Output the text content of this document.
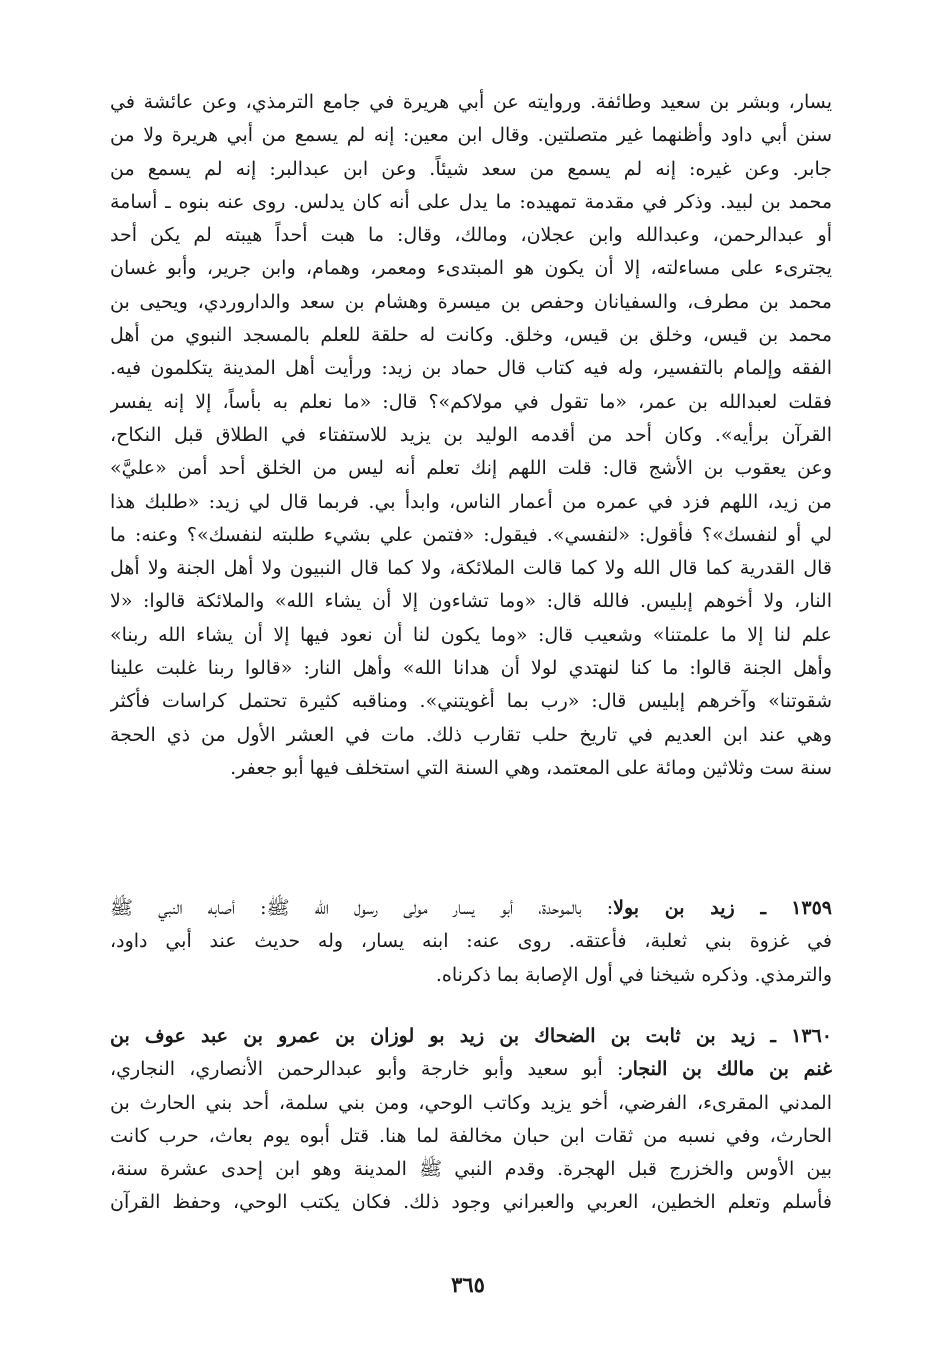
يسار، وبشر بن سعيد وطائفة. وروايته عن أبي هريرة في جامع الترمذي، وعن عائشة في
سنن أبي داود وأظنهما غير متصلتين. وقال ابن معين: إنه لم يسمع من أبي هريرة ولا من
جابر. وعن غيره: إنه لم يسمع من سعد شيئاً. وعن ابن عبدالبر: إنه لم يسمع من
محمد بن لبيد. وذكر في مقدمة تمهيده: ما يدل على أنه كان يدلس. روى عنه بنوه ـ أسامة
أو عبدالرحمن، وعبدالله وابن عجلان، ومالك، وقال: ما هبت أحداً هيبته لم يكن أحد
يجترىء على مساءلته، إلا أن يكون هو المبتدىء ومعمر، وهمام، وابن جرير، وأبو غسان
محمد بن مطرف، والسفيانان وحفص بن ميسرة وهشام بن سعد والداروردي، ويحيى بن
محمد بن قيس، وخلق بن قيس، وخلق. وكانت له حلقة للعلم بالمسجد النبوي من أهل
الفقه وإلمام بالتفسير، وله فيه كتاب قال حماد بن زيد: ورأيت أهل المدينة يتكلمون فيه.
فقلت لعبدالله بن عمر، «ما تقول في مولاكم»؟ قال: «ما نعلم به بأساً، إلا إنه يفسر
القرآن برأيه». وكان أحد من أقدمه الوليد بن يزيد للاستفتاء في الطلاق قبل النكاح،
وعن يعقوب بن الأشج قال: قلت اللهم إنك تعلم أنه ليس من الخلق أحد أمن «عليَّ»
من زيد، اللهم فزد في عمره من أعمار الناس، وابدأ بي. فربما قال لي زيد: «طلبك هذا
لي أو لنفسك»؟ فأقول: «لنفسي». فيقول: «فتمن علي بشيء طلبته لنفسك»؟ وعنه: ما
قال القدرية كما قال الله ولا كما قالت الملائكة، ولا كما قال النبيون ولا أهل الجنة ولا أهل
النار، ولا أخوهم إبليس. فالله قال: «وما تشاءون إلا أن يشاء الله» والملائكة قالوا: «لا
علم لنا إلا ما علمتنا» وشعيب قال: «وما يكون لنا أن نعود فيها إلا أن يشاء الله ربنا»
وأهل الجنة قالوا: ما كنا لنهتدي لولا أن هدانا الله» وأهل النار: «قالوا ربنا غلبت علينا
شقوتنا» وآخرهم إبليس قال: «رب بما أغويتني». ومناقبه كثيرة تحتمل كراسات فأكثر
وهي عند ابن العديم في تاريخ حلب تقارب ذلك. مات في العشر الأول من ذي الحجة
سنة ست وثلاثين ومائة على المعتمد، وهي السنة التي استخلف فيها أبو جعفر.
١٣٥٩ ـ زيد بن بولا: بالموحدة، أبو يسار مولى رسول الله ﷺ: أصابه النبي ﷺ
في غزوة بني ثعلبة، فأعتقه. روى عنه: ابنه يسار، وله حديث عند أبي داود،
والترمذي. وذكره شيخنا في أول الإصابة بما ذكرناه.
١٣٦٠ ـ زيد بن ثابت بن الضحاك بن زيد بو لوزان بن عمرو بن عبد عوف بن
غنم بن مالك بن النجار: أبو سعيد وأبو خارجة وأبو عبدالرحمن الأنصاري، النجاري،
المدني المقرىء، الفرضي، أخو يزيد وكاتب الوحي، ومن بني سلمة، أحد بني الحارث بن
الحارث، وفي نسبه من ثقات ابن حبان مخالفة لما هنا. قتل أبوه يوم بعاث، حرب كانت
بين الأوس والخزرج قبل الهجرة. وقدم النبي ﷺ المدينة وهو ابن إحدى عشرة سنة،
فأسلم وتعلم الخطين، العربي والعبراني وجود ذلك. فكان يكتب الوحي، وحفظ القرآن
٣٦٥
